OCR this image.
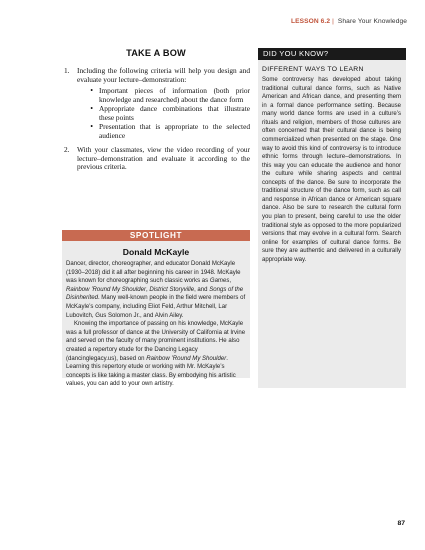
LESSON 6.2 | Share Your Knowledge
TAKE A BOW
1.	Including the following criteria will help you design and evaluate your lecture–demonstration:
• Important pieces of information (both prior knowledge and researched) about the dance form
• Appropriate dance combinations that illustrate these points
• Presentation that is appropriate to the selected audience
2.	With your classmates, view the video recording of your lecture–demonstration and evaluate it according to the previous criteria.
SPOTLIGHT
Donald McKayle

Dancer, director, choreographer, and educator Donald McKayle (1930–2018) did it all after beginning his career in 1948. McKayle was known for choreographing such classic works as Games, Rainbow ’Round My Shoulder, District Storyville, and Songs of the Disinherited. Many well-known people in the field were members of McKayle’s company, including Eliot Feld, Arthur Mitchell, Lar Lubovitch, Gus Solomon Jr., and Alvin Ailey.

Knowing the importance of passing on his knowledge, McKayle was a full professor of dance at the University of California at Irvine and served on the faculty of many prominent institutions. He also created a repertory etude for the Dancing Legacy (dancinglegacy.us), based on Rainbow ’Round My Shoulder. Learning this repertory etude or working with Mr. McKayle’s concepts is like taking a master class. By embodying his artistic values, you can add to your own artistry.

DID YOU KNOW?
DIFFERENT WAYS TO LEARN

Some controversy has developed about taking traditional cultural dance forms, such as Native American and African dance, and presenting them in a formal dance performance setting. Because many world dance forms are used in a culture’s rituals and religion, members of those cultures are often concerned that their cultural dance is being commercialized when presented on the stage. One way to avoid this kind of controversy is to introduce ethnic forms through lecture–demonstrations. In this way you can educate the audience and honor the culture while sharing aspects and central concepts of the dance. Be sure to incorporate the traditional structure of the dance form, such as call and response in African dance or American square dance. Also be sure to research the cultural form you plan to present, being careful to use the older traditional style as opposed to the more popularized versions that may evolve in a cultural form. Search online for examples of cultural dance forms. Be sure they are authentic and delivered in a culturally appropriate way.

87
